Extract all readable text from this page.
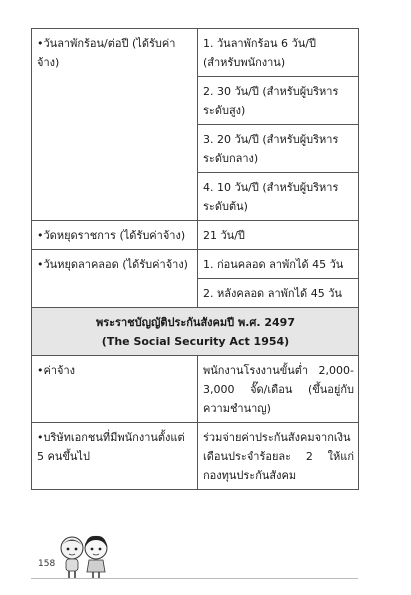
• วันลาพักร้อน/ต่อปี (ได้รับค่าจ้าง)	1. วันลาพักร้อน 6 วัน/ปี (สำหรับพนักงาน)
	2. 30 วัน/ปี (สำหรับผู้บริหารระดับสูง)
	3. 20 วัน/ปี (สำหรับผู้บริหารระดับกลาง)
	4. 10 วัน/ปี (สำหรับผู้บริหารระดับต้น)
• วัดหยุดราชการ (ได้รับค่าจ้าง)	21 วัน/ปี
• วันหยุดลาคลอด (ได้รับค่าจ้าง)	1. ก่อนคลอด ลาพักได้ 45 วัน
	2. หลังคลอด ลาพักได้ 45 วัน

พระราชบัญญัติประกันสังคมปี พ.ศ. 2497
(The Social Security Act 1954)	

• ค่าจ้าง	พนักงานโรงงานขั้นต่ำ 2,000-3,000 จั๊ด/เดือน (ขึ้นอยู่กับความชำนาญ)
• บริษัทเอกชนที่มีพนักงานตั้งแต่ 5 คนขึ้นไป	ร่วมจ่ายค่าประกันสังคมจากเงินเดือนประจำร้อยละ 2 ให้แก่กองทุนประกันสังคม
158
